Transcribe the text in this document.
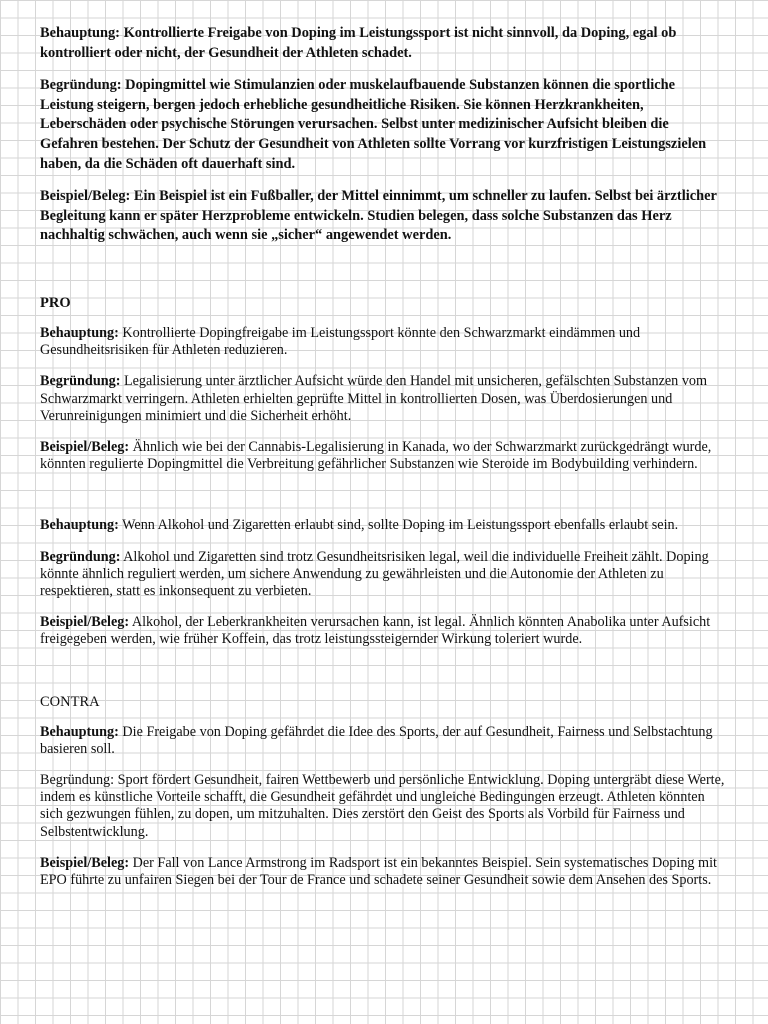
Behauptung: Kontrollierte Freigabe von Doping im Leistungssport ist nicht sinnvoll, da Doping, egal ob kontrolliert oder nicht, der Gesundheit der Athleten schadet.

Begründung: Dopingmittel wie Stimulanzien oder muskelaufbauende Substanzen können die sportliche Leistung steigern, bergen jedoch erhebliche gesundheitliche Risiken. Sie können Herzkrankheiten, Leberschäden oder psychische Störungen verursachen. Selbst unter medizinischer Aufsicht bleiben die Gefahren bestehen. Der Schutz der Gesundheit von Athleten sollte Vorrang vor kurzfristigen Leistungszielen haben, da die Schäden oft dauerhaft sind.

Beispiel/Beleg: Ein Beispiel ist ein Fußballer, der Mittel einnimmt, um schneller zu laufen. Selbst bei ärztlicher Begleitung kann er später Herzprobleme entwickeln. Studien belegen, dass solche Substanzen das Herz nachhaltig schwächen, auch wenn sie „sicher“ angewendet werden.

PRO

Behauptung: Kontrollierte Dopingfreigabe im Leistungssport könnte den Schwarzmarkt eindämmen und Gesundheitsrisiken für Athleten reduzieren.

Begründung: Legalisierung unter ärztlicher Aufsicht würde den Handel mit unsicheren, gefälschten Substanzen vom Schwarzmarkt verringern. Athleten erhielten geprüfte Mittel in kontrollierten Dosen, was Überdosierungen und Verunreinigungen minimiert und die Sicherheit erhöht.

Beispiel/Beleg: Ähnlich wie bei der Cannabis-Legalisierung in Kanada, wo der Schwarzmarkt zurückgedrängt wurde, könnten regulierte Dopingmittel die Verbreitung gefährlicher Substanzen wie Steroide im Bodybuilding verhindern.

Behauptung: Wenn Alkohol und Zigaretten erlaubt sind, sollte Doping im Leistungssport ebenfalls erlaubt sein.

Begründung: Alkohol und Zigaretten sind trotz Gesundheitsrisiken legal, weil die individuelle Freiheit zählt. Doping könnte ähnlich reguliert werden, um sichere Anwendung zu gewährleisten und die Autonomie der Athleten zu respektieren, statt es inkonsequent zu verbieten.

Beispiel/Beleg: Alkohol, der Leberkrankheiten verursachen kann, ist legal. Ähnlich könnten Anabolika unter Aufsicht freigegeben werden, wie früher Koffein, das trotz leistungssteigernder Wirkung toleriert wurde.

CONTRA

Behauptung: Die Freigabe von Doping gefährdet die Idee des Sports, der auf Gesundheit, Fairness und Selbstachtung basieren soll.

Begründung: Sport fördert Gesundheit, fairen Wettbewerb und persönliche Entwicklung. Doping untergräbt diese Werte, indem es künstliche Vorteile schafft, die Gesundheit gefährdet und ungleiche Bedingungen erzeugt. Athleten könnten sich gezwungen fühlen, zu dopen, um mitzuhalten. Dies zerstört den Geist des Sports als Vorbild für Fairness und Selbstentwicklung.

Beispiel/Beleg: Der Fall von Lance Armstrong im Radsport ist ein bekanntes Beispiel. Sein systematisches Doping mit EPO führte zu unfairen Siegen bei der Tour de France und schadete seiner Gesundheit sowie dem Ansehen des Sports.
